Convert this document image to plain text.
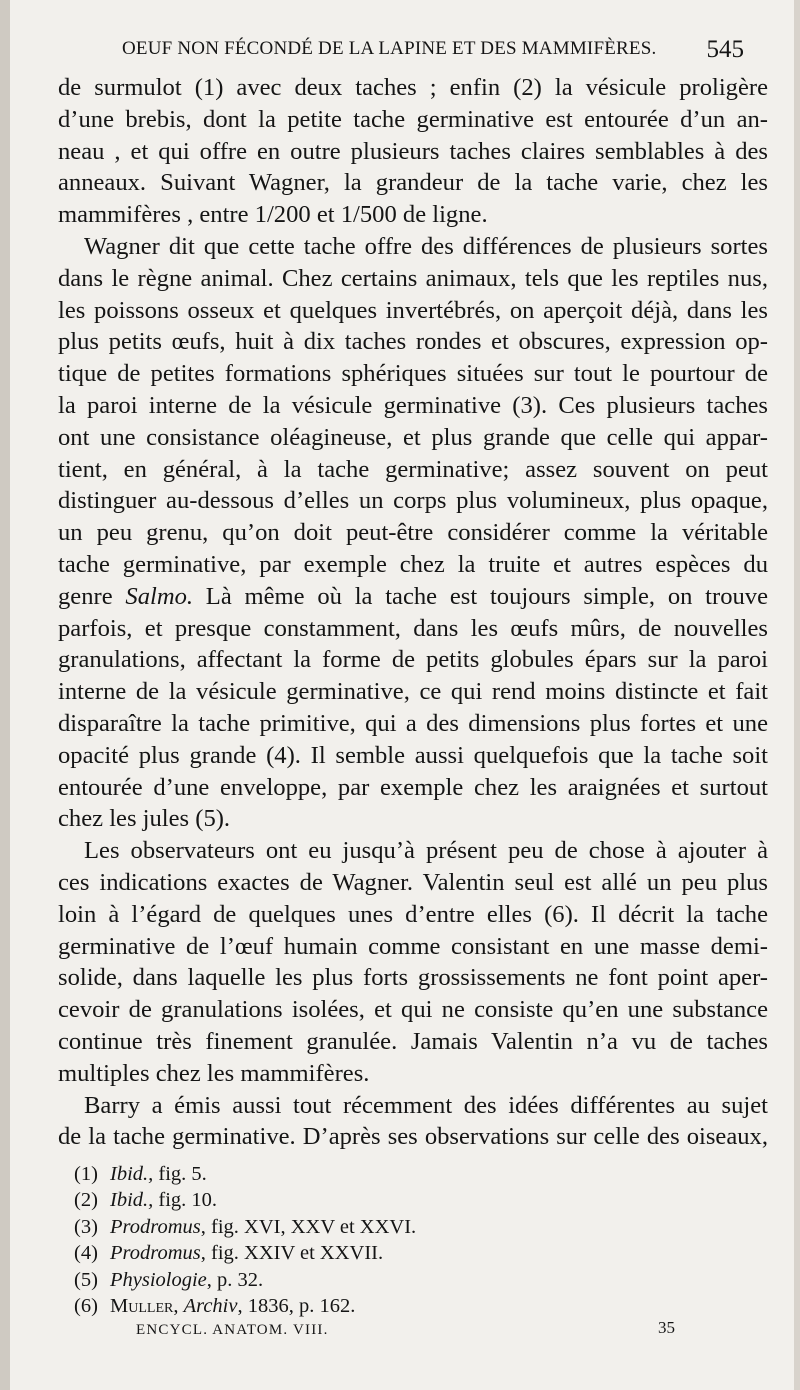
OEUF NON FÉCONDÉ DE LA LAPINE ET DES MAMMIFÈRES. 545
de surmulot (1) avec deux taches ; enfin (2) la vésicule proligère
d’une brebis, dont la petite tache germinative est entourée d’un an-
neau , et qui offre en outre plusieurs taches claires semblables à des
anneaux. Suivant Wagner, la grandeur de la tache varie, chez les
mammifères , entre 1/200 et 1/500 de ligne.
Wagner dit que cette tache offre des différences de plusieurs sortes
dans le règne animal. Chez certains animaux, tels que les reptiles nus,
les poissons osseux et quelques invertébrés, on aperçoit déjà, dans les
plus petits œufs, huit à dix taches rondes et obscures, expression op-
tique de petites formations sphériques situées sur tout le pourtour de
la paroi interne de la vésicule germinative (3). Ces plusieurs taches
ont une consistance oléagineuse, et plus grande que celle qui appar-
tient, en général, à la tache germinative; assez souvent on peut
distinguer au-dessous d’elles un corps plus volumineux, plus opaque,
un peu grenu, qu’on doit peut-être considérer comme la véritable
tache germinative, par exemple chez la truite et autres espèces du
genre Salmo. Là même où la tache est toujours simple, on trouve
parfois, et presque constamment, dans les œufs mûrs, de nouvelles
granulations, affectant la forme de petits globules épars sur la paroi
interne de la vésicule germinative, ce qui rend moins distincte et fait
disparaître la tache primitive, qui a des dimensions plus fortes et une
opacité plus grande (4). Il semble aussi quelquefois que la tache soit
entourée d’une enveloppe, par exemple chez les araignées et surtout
chez les jules (5).
Les observateurs ont eu jusqu’à présent peu de chose à ajouter à
ces indications exactes de Wagner. Valentin seul est allé un peu plus
loin à l’égard de quelques unes d’entre elles (6). Il décrit la tache
germinative de l’œuf humain comme consistant en une masse demi-
solide, dans laquelle les plus forts grossissements ne font point aper-
cevoir de granulations isolées, et qui ne consiste qu’en une substance
continue très finement granulée. Jamais Valentin n’a vu de taches
multiples chez les mammifères.
Barry a émis aussi tout récemment des idées différentes au sujet
de la tache germinative. D’après ses observations sur celle des oiseaux,
(1) Ibid., fig. 5.
(2) Ibid., fig. 10.
(3) Prodromus, fig. XVI, XXV et XXVI.
(4) Prodromus, fig. XXIV et XXVII.
(5) Physiologie, p. 32.
(6) Muller, Archiv, 1836, p. 162.
ENCYCL. ANATOM. VIII.	35
